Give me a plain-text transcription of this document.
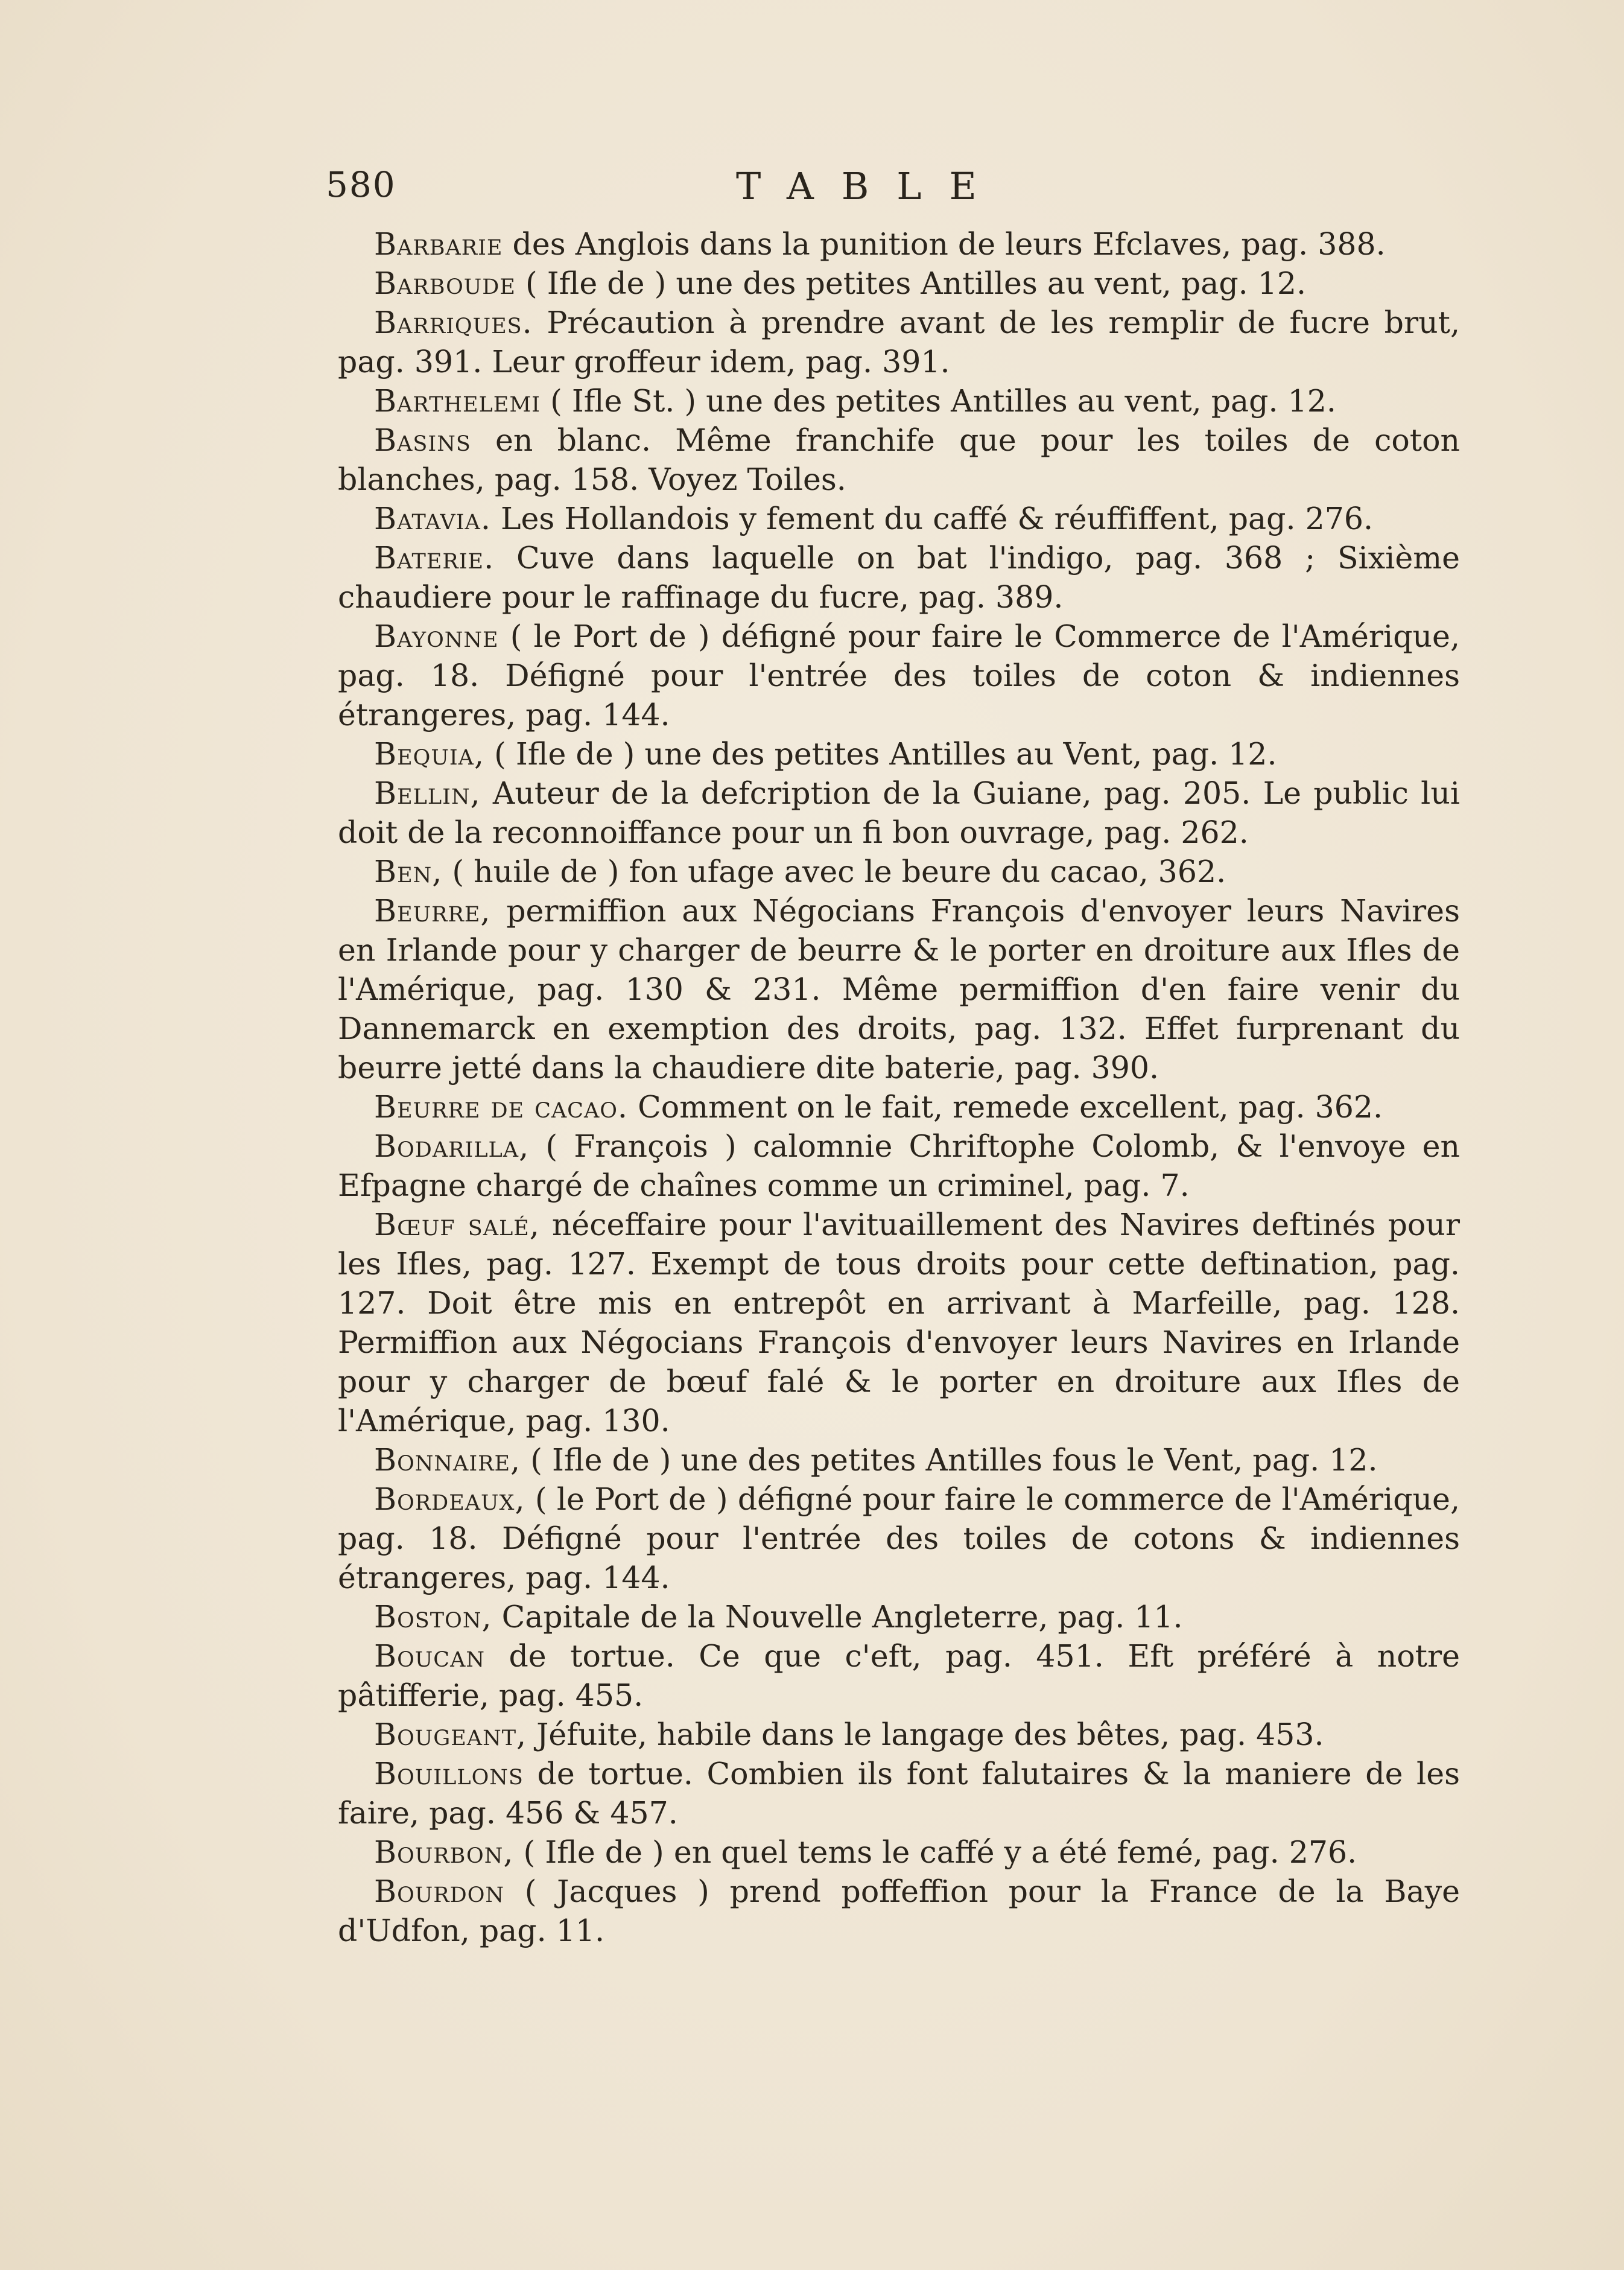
580	TABLE

Barbarie des Anglois dans la punition de leurs Efclaves, pag. 388.

Barboude ( Ifle de ) une des petites Antilles au vent, pag. 12.

Barriques. Précaution à prendre avant de les remplir de fucre brut, pag. 391. Leur groffeur idem, pag. 391.

Barthelemi ( Ifle St. ) une des petites Antilles au vent, pag. 12.

Basins en blanc. Même franchife que pour les toiles de coton blanches, pag. 158. Voyez Toiles.

Batavia. Les Hollandois y fement du caffé & réuffiffent, pag. 276.

Baterie. Cuve dans laquelle on bat l'indigo, pag. 368 ; Sixième chaudiere pour le raffinage du fucre, pag. 389.

Bayonne ( le Port de ) défigné pour faire le Commerce de l'Amérique, pag. 18. Défigné pour l'entrée des toiles de coton & indiennes étrangeres, pag. 144.

Bequia, ( Ifle de ) une des petites Antilles au Vent, pag. 12.

Bellin, Auteur de la defcription de la Guiane, pag. 205. Le public lui doit de la reconnoiffance pour un fi bon ouvrage, pag. 262.

Ben, ( huile de ) fon ufage avec le beure du cacao, 362.

Beurre, permiffion aux Négocians François d'envoyer leurs Navires en Irlande pour y charger de beurre & le porter en droiture aux Ifles de l'Amérique, pag. 130 & 231. Même permiffion d'en faire venir du Dannemarck en exemption des droits, pag. 132. Effet furprenant du beurre jetté dans la chaudiere dite baterie, pag. 390.

Beurre de cacao. Comment on le fait, remede excellent, pag. 362.

Bodarilla, ( François ) calomnie Chriftophe Colomb, & l'envoye en Efpagne chargé de chaînes comme un criminel, pag. 7.

Bœuf salé, néceffaire pour l'avituaillement des Navires deftinés pour les Ifles, pag. 127. Exempt de tous droits pour cette deftination, pag. 127. Doit être mis en entrepôt en arrivant à Marfeille, pag. 128. Permiffion aux Négocians François d'envoyer leurs Navires en Irlande pour y charger de bœuf falé & le porter en droiture aux Ifles de l'Amérique, pag. 130.

Bonnaire, ( Ifle de ) une des petites Antilles fous le Vent, pag. 12.

Bordeaux, ( le Port de ) défigné pour faire le commerce de l'Amérique, pag. 18. Défigné pour l'entrée des toiles de cotons & indiennes étrangeres, pag. 144.

Boston, Capitale de la Nouvelle Angleterre, pag. 11.

Boucan de tortue. Ce que c'eft, pag. 451. Eft préféré à notre pâtifferie, pag. 455.

Bougeant, Jéfuite, habile dans le langage des bêtes, pag. 453.

Bouillons de tortue. Combien ils font falutaires & la maniere de les faire, pag. 456 & 457.

Bourbon, ( Ifle de ) en quel tems le caffé y a été femé, pag. 276.

Bourdon ( Jacques ) prend poffeffion pour la France de la Baye d'Udfon, pag. 11.
